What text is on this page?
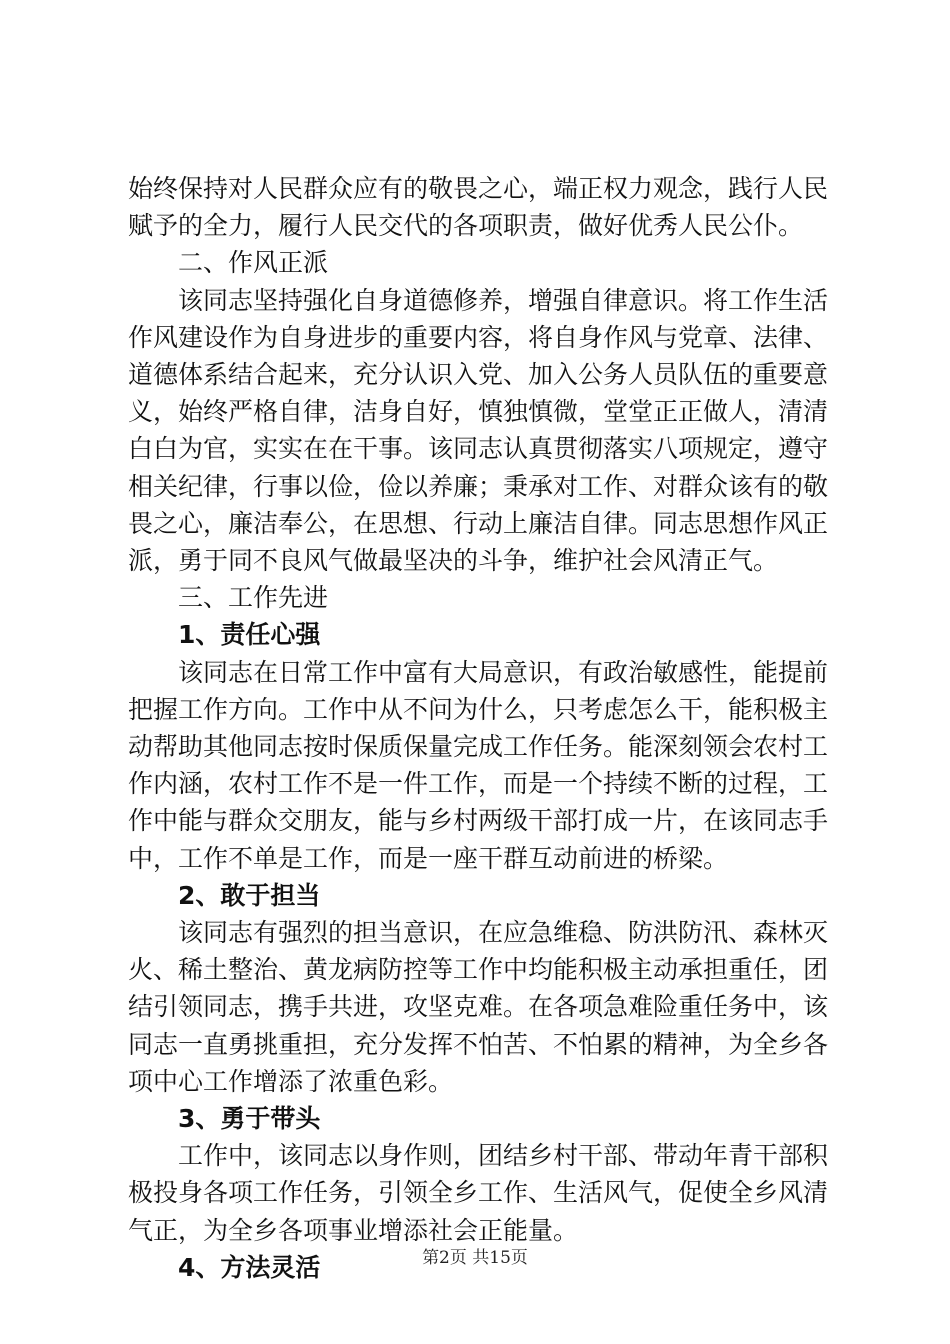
始终保持对人民群众应有的敬畏之心，端正权力观念，践行人民赋予的全力，履行人民交代的各项职责，做好优秀人民公仆。

二、作风正派

该同志坚持强化自身道德修养，增强自律意识。将工作生活作风建设作为自身进步的重要内容，将自身作风与党章、法律、道德体系结合起来，充分认识入党、加入公务人员队伍的重要意义，始终严格自律，洁身自好，慎独慎微，堂堂正正做人，清清白白为官，实实在在干事。该同志认真贯彻落实八项规定，遵守相关纪律，行事以俭，俭以养廉；秉承对工作、对群众该有的敬畏之心，廉洁奉公，在思想、行动上廉洁自律。同志思想作风正派，勇于同不良风气做最坚决的斗争，维护社会风清正气。

三、工作先进

1、责任心强

该同志在日常工作中富有大局意识，有政治敏感性，能提前把握工作方向。工作中从不问为什么，只考虑怎么干，能积极主动帮助其他同志按时保质保量完成工作任务。能深刻领会农村工作内涵，农村工作不是一件工作，而是一个持续不断的过程，工作中能与群众交朋友，能与乡村两级干部打成一片，在该同志手中，工作不单是工作，而是一座干群互动前进的桥梁。

2、敢于担当

该同志有强烈的担当意识，在应急维稳、防洪防汛、森林灭火、稀土整治、黄龙病防控等工作中均能积极主动承担重任，团结引领同志，携手共进，攻坚克难。在各项急难险重任务中，该同志一直勇挑重担，充分发挥不怕苦、不怕累的精神，为全乡各项中心工作增添了浓重色彩。

3、勇于带头

工作中，该同志以身作则，团结乡村干部、带动年青干部积极投身各项工作任务，引领全乡工作、生活风气，促使全乡风清气正，为全乡各项事业增添社会正能量。

4、方法灵活	第2页 共15页
